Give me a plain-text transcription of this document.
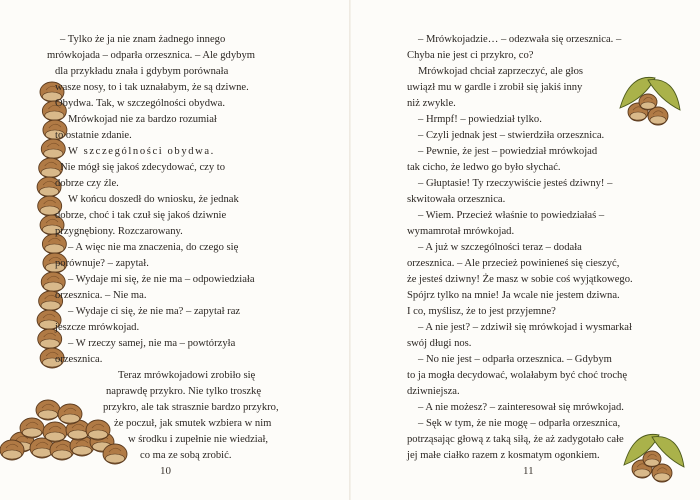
– Tylko że ja nie znam żadnego innego
mrówkojada – odparła orzesznica. – Ale gdybym
dla przykładu znała i gdybym porównała
wasze nosy, to i tak uznałabym, że są dziwne.
Obydwa. Tak, w szczególności obydwa.
Mrówkojad nie za bardzo rozumiał
to ostatnie zdanie.
W szczególności obydwa.
Nie mógł się jakoś zdecydować, czy to
dobrze czy źle.
W końcu doszedł do wniosku, że jednak
dobrze, choć i tak czuł się jakoś dziwnie
przygnębiony. Rozczarowany.
– A więc nie ma znaczenia, do czego się
porównuje? – zapytał.
– Wydaje mi się, że nie ma – odpowiedziała
orzesznica. – Nie ma.
– Wydaje ci się, że nie ma? – zapytał raz
jeszcze mrówkojad.
– W rzeczy samej, nie ma – powtórzyła
orzesznica.
Teraz mrówkojadowi zrobiło się
naprawdę przykro. Nie tylko troszkę
przykro, ale tak strasznie bardzo przykro,
że poczuł, jak smutek wzbiera w nim
w środku i zupełnie nie wiedział,
co ma ze sobą zrobić.
10
– Mrówkojadzie… – odezwała się orzesznica. –
Chyba nie jest ci przykro, co?
Mrówkojad chciał zaprzeczyć, ale głos
uwiązł mu w gardle i zrobił się jakiś inny
niż zwykle.
– Hrmpf! – powiedział tylko.
– Czyli jednak jest – stwierdziła orzesznica.
– Pewnie, że jest – powiedział mrówkojad
tak cicho, że ledwo go było słychać.
– Głuptasie! Ty rzeczywiście jesteś dziwny! –
skwitowała orzesznica.
– Wiem. Przecież właśnie to powiedziałaś –
wymamrotał mrówkojad.
– A już w szczególności teraz – dodała
orzesznica. – Ale przecież powinieneś się cieszyć,
że jesteś dziwny! Że masz w sobie coś wyjątkowego.
Spójrz tylko na mnie! Ja wcale nie jestem dziwna.
I co, myślisz, że to jest przyjemne?
– A nie jest? – zdziwił się mrówkojad i wysmarkał
swój długi nos.
– No nie jest – odparła orzesznica. – Gdybym
to ja mogła decydować, wolałabym być choć trochę
dziwniejsza.
– A nie możesz? – zainteresował się mrówkojad.
– Sęk w tym, że nie mogę – odparła orzesznica,
potrząsając głową z taką siłą, że aż zadygotało całe
jej małe ciałko razem z kosmatym ogonkiem.
11
